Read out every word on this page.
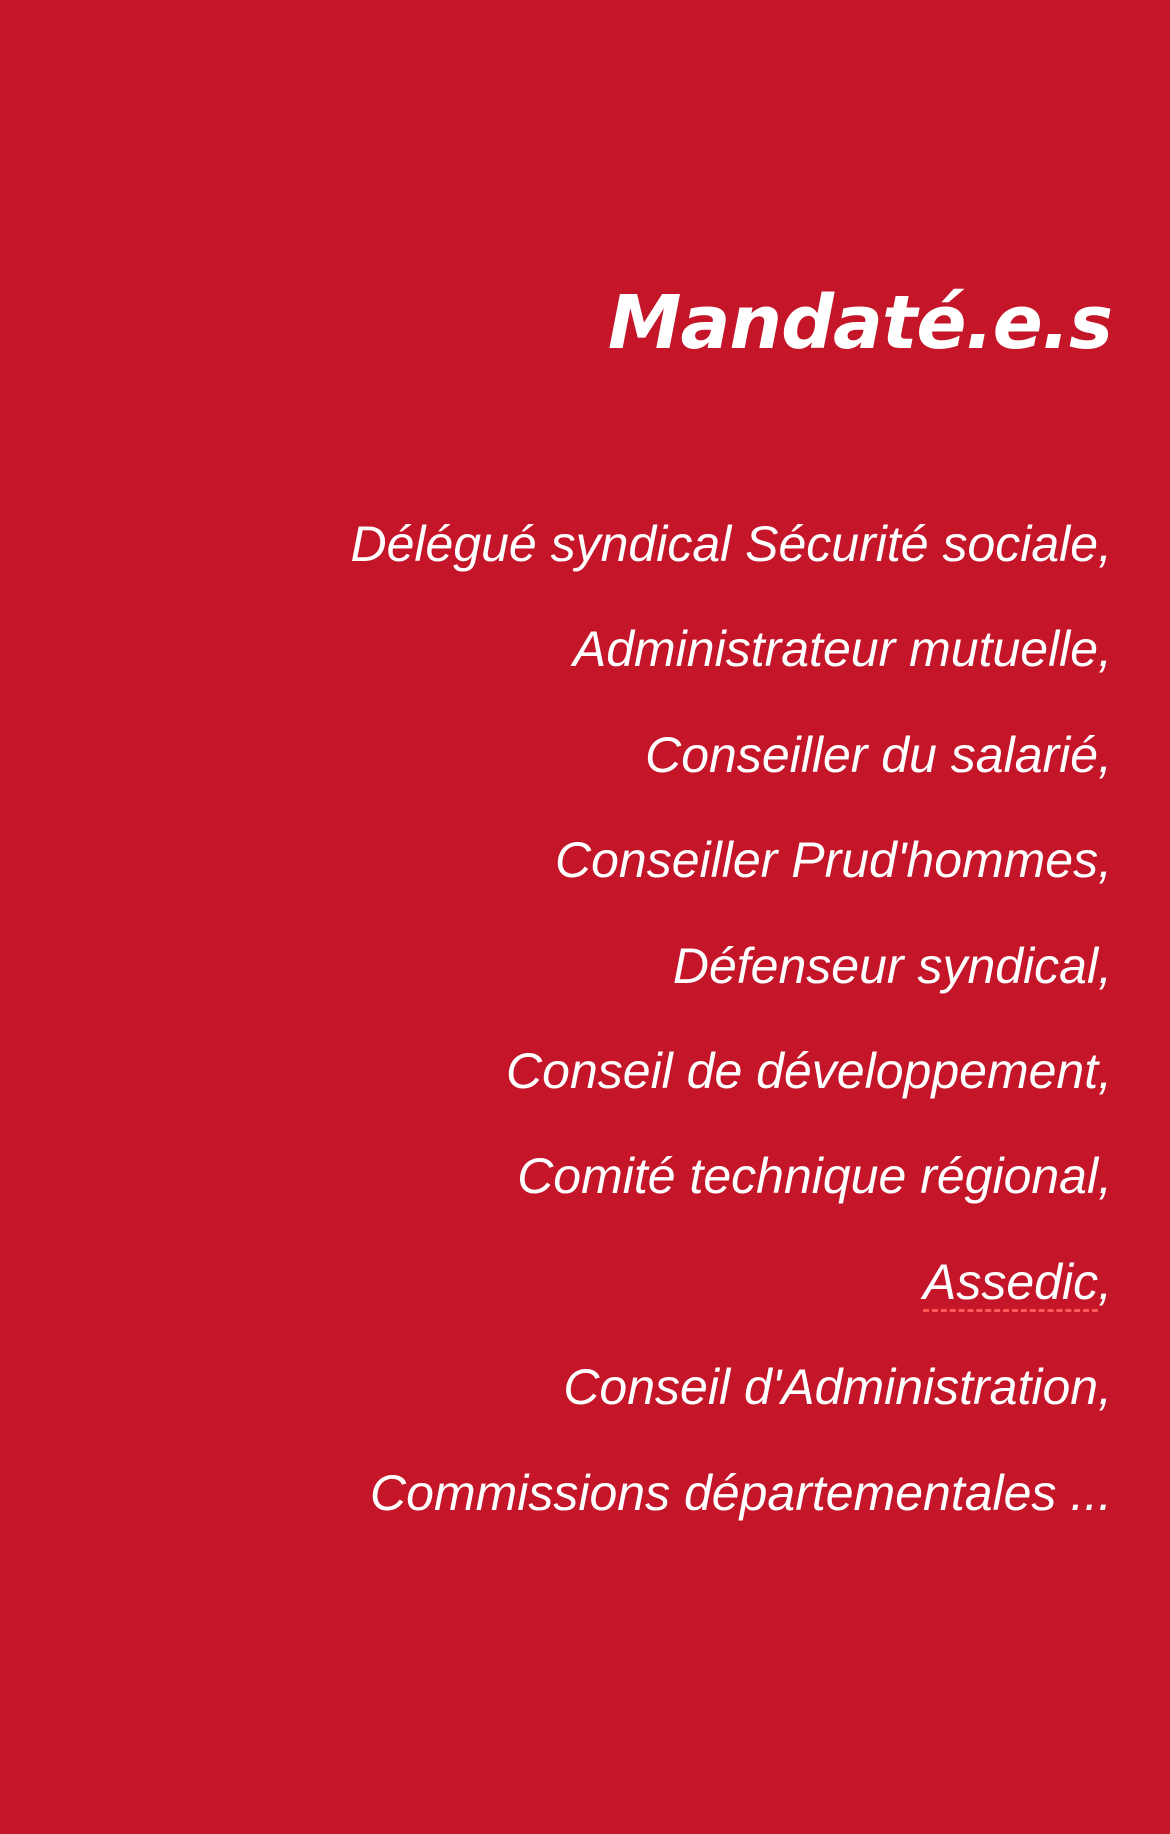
Mandaté.e.s
Délégué syndical Sécurité sociale,
Administrateur mutuelle,
Conseiller du salarié,
Conseiller Prud'hommes,
Défenseur syndical,
Conseil de développement,
Comité technique régional,
Assedic,
Conseil d'Administration,
Commissions départementales ...
